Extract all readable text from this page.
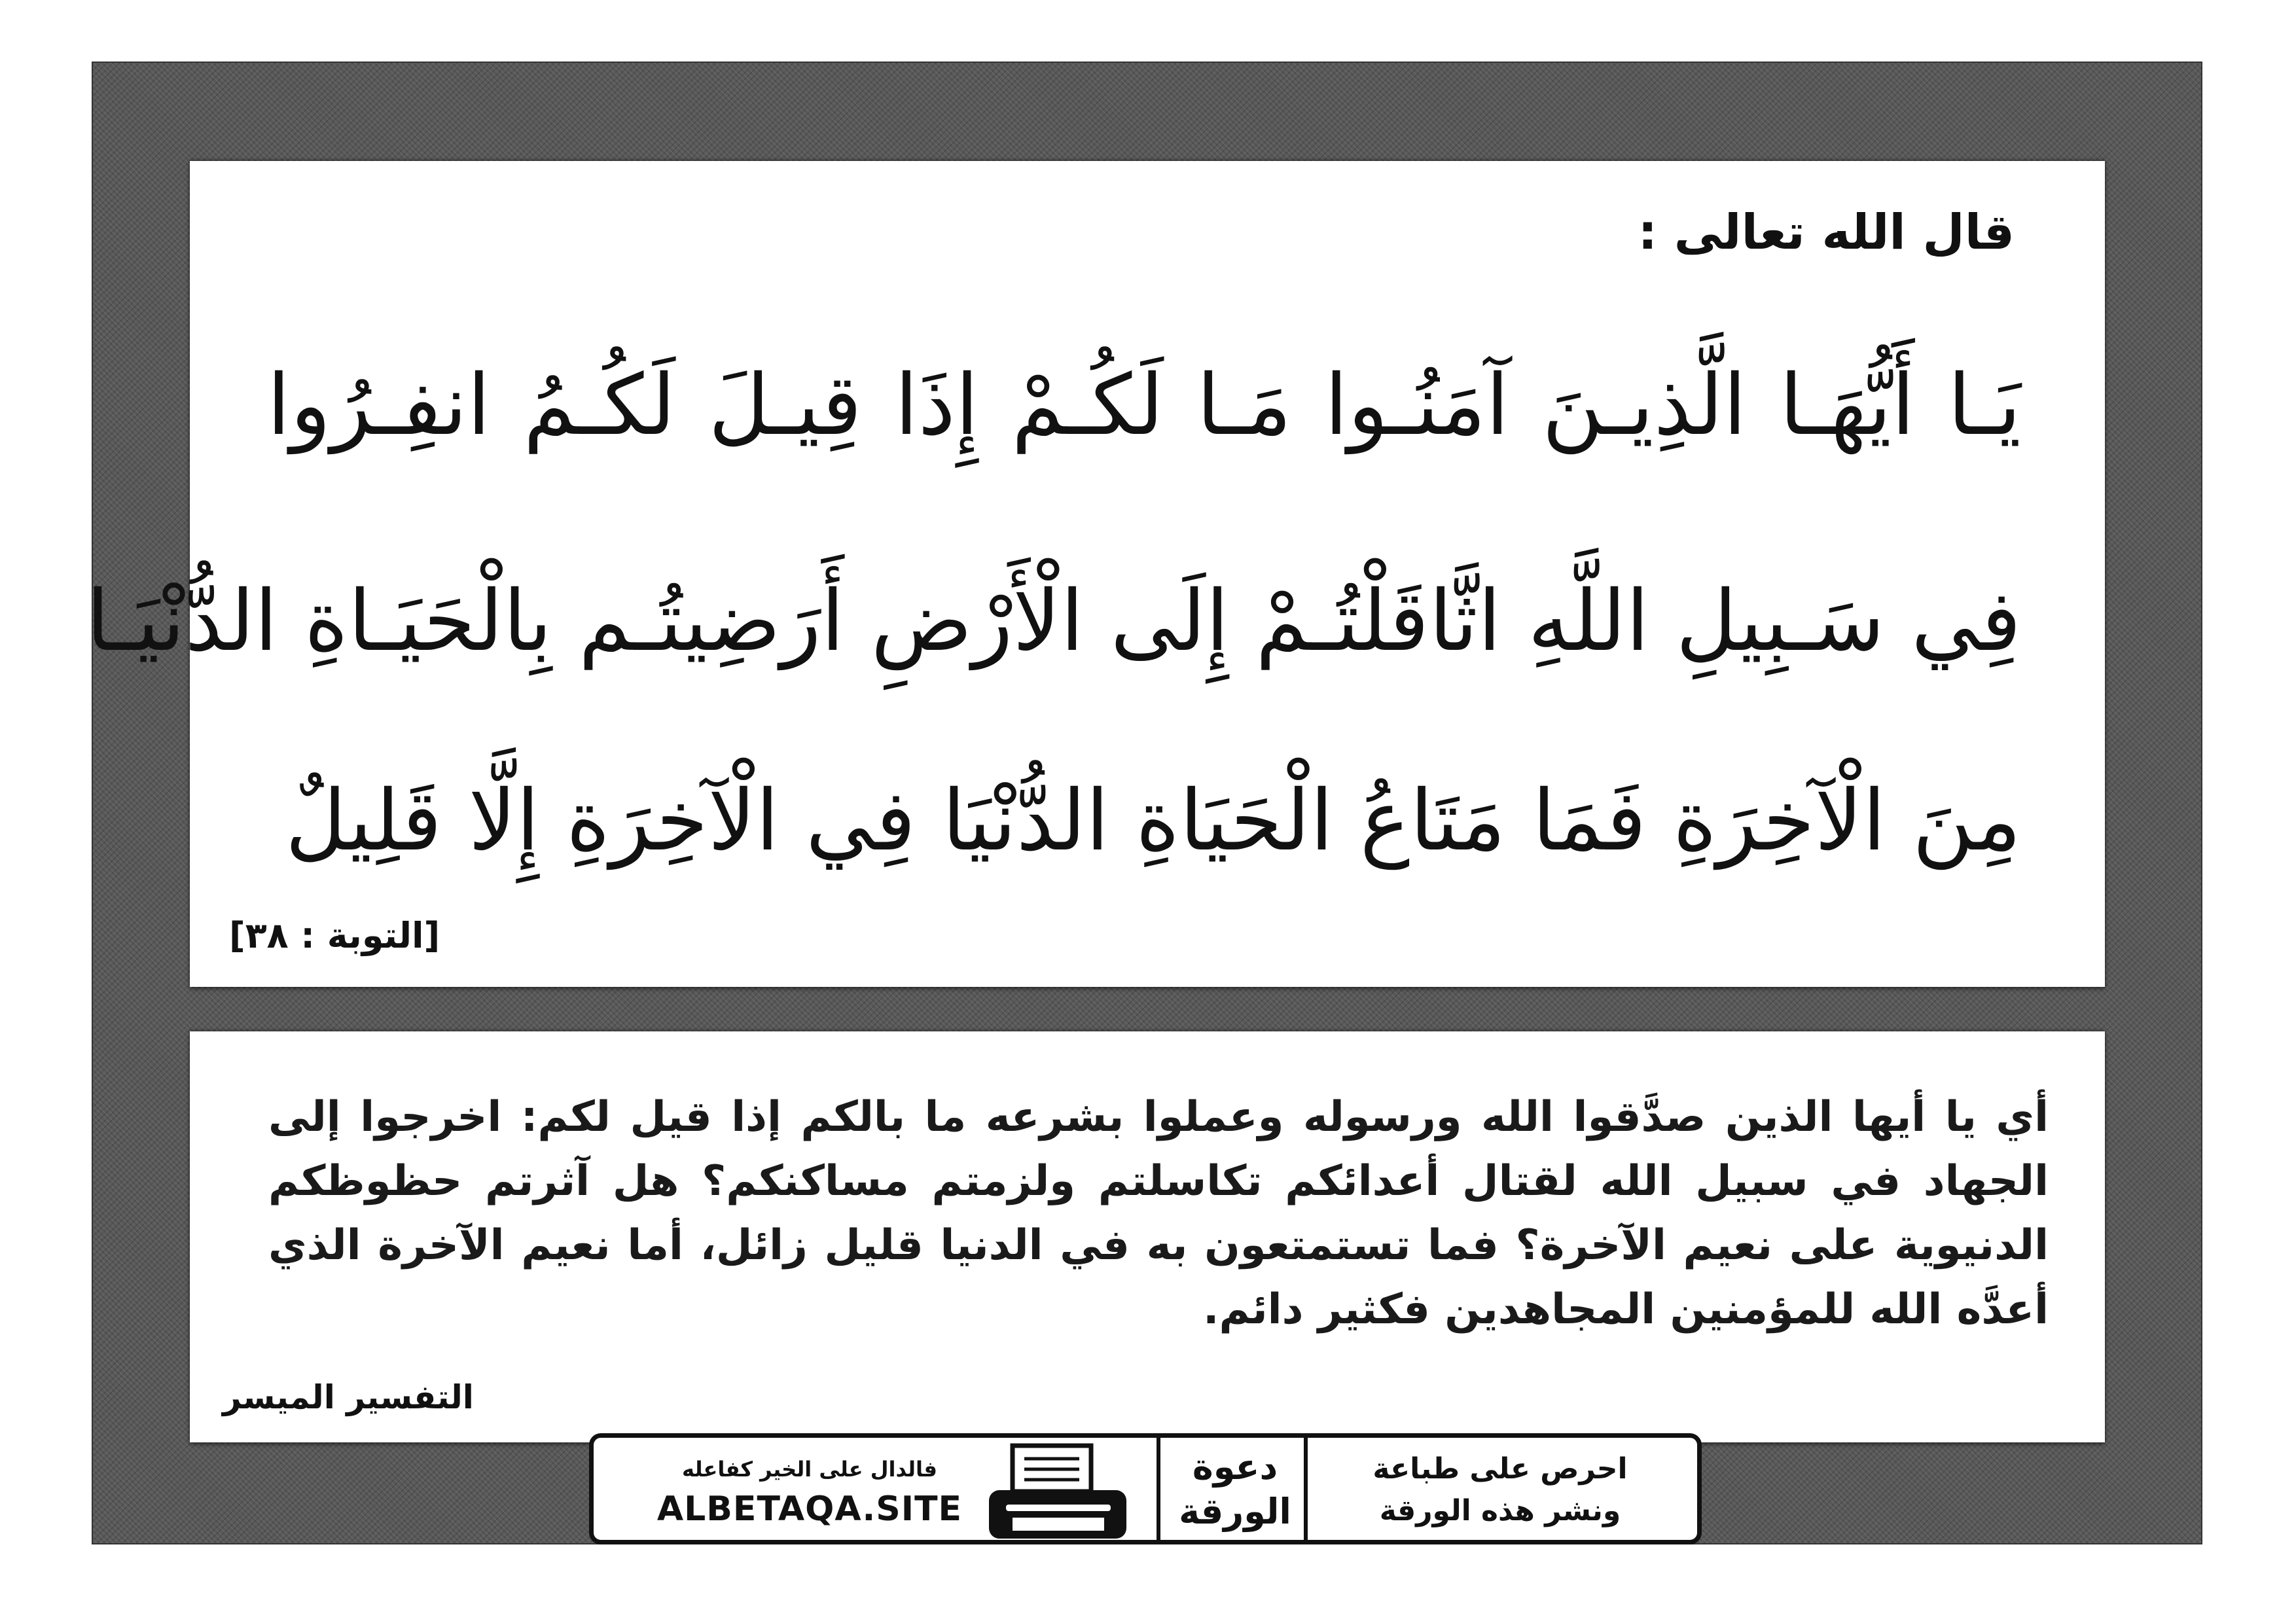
قال الله تعالى :
يَـا أَيُّهَـا الَّذِيـنَ آمَنُـوا مَـا لَكُـمْ إِذَا قِيـلَ لَكُـمُ انفِـرُوا
فِي سَـبِيلِ اللَّهِ اثَّاقَلْتُـمْ إِلَى الْأَرْضِ أَرَضِيتُـم بِالْحَيَـاةِ الدُّنْيَـا
مِنَ الْآخِرَةِ فَمَا مَتَاعُ الْحَيَاةِ الدُّنْيَا فِي الْآخِرَةِ إِلَّا قَلِيلٌ
[التوبة : ٣٨]
أي يا أيها الذين صدَّقوا الله ورسوله وعملوا بشرعه ما بالكم إذا قيل لكم: اخرجوا إلى الجهاد في سبيل الله لقتال أعدائكم تكاسلتم ولزمتم مساكنكم؟ هل آثرتم حظوظكم الدنيوية على نعيم الآخرة؟ فما تستمتعون به في الدنيا قليل زائل، أما نعيم الآخرة الذي أعدَّه الله للمؤمنين المجاهدين فكثير دائم.
التفسير الميسر
فالدال على الخير كفاعله
ALBETAQA.SITE
دعوة
الورقة
احرص على طباعة
ونشر هذه الورقة
